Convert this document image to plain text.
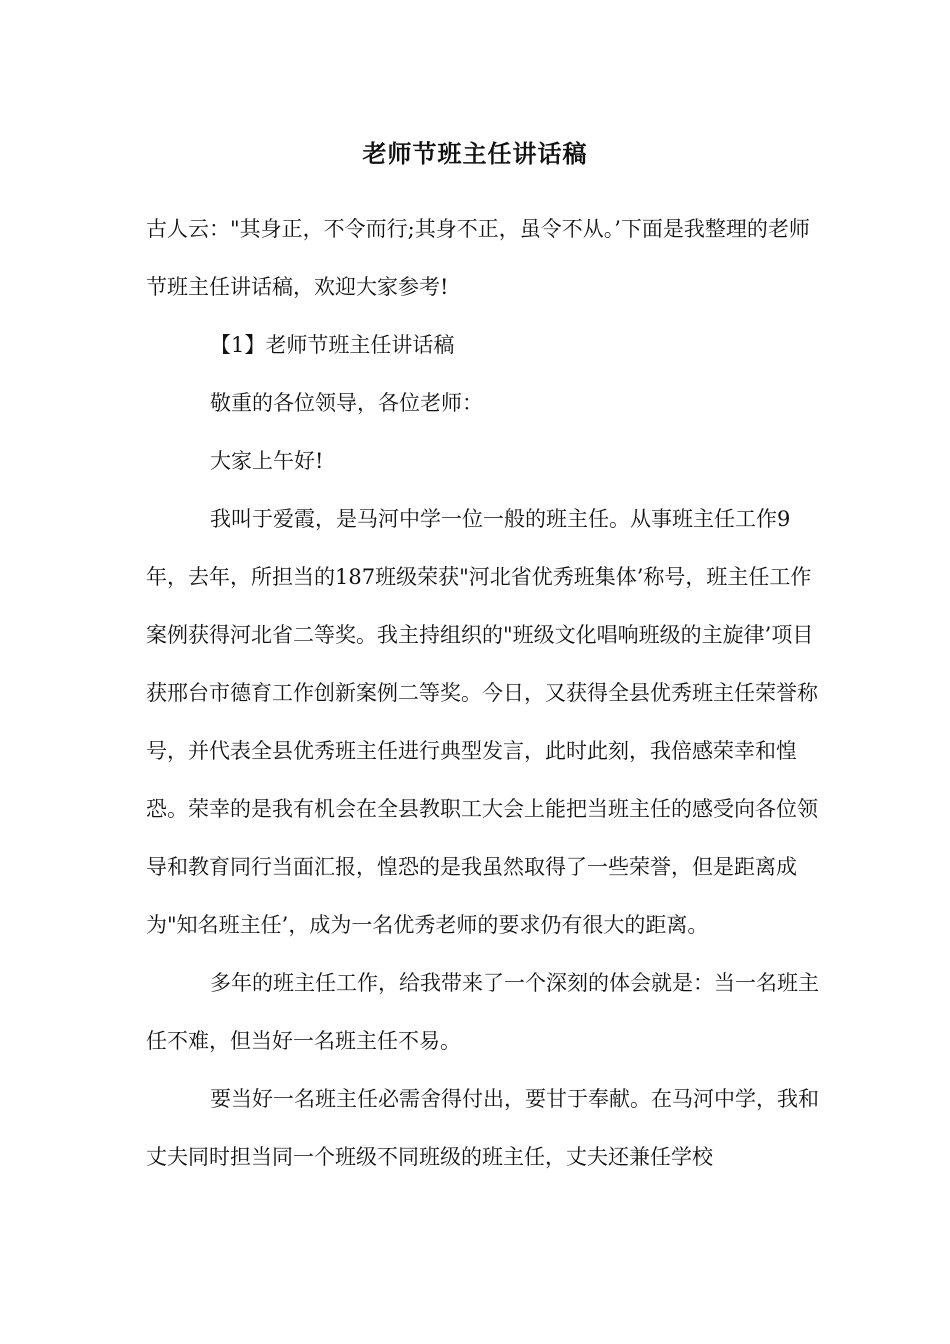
老师节班主任讲话稿

古人云："其身正，不令而行;其身不正，虽令不从。’下面是我整理的老师节班主任讲话稿，欢迎大家参考!

【1】老师节班主任讲话稿

敬重的各位领导，各位老师：

大家上午好!

我叫于爱霞，是马河中学一位一般的班主任。从事班主任工作9年，去年，所担当的187班级荣获"河北省优秀班集体’称号，班主任工作案例获得河北省二等奖。我主持组织的"班级文化唱响班级的主旋律’项目获邢台市德育工作创新案例二等奖。今日，又获得全县优秀班主任荣誉称号，并代表全县优秀班主任进行典型发言，此时此刻，我倍感荣幸和惶恐。荣幸的是我有机会在全县教职工大会上能把当班主任的感受向各位领导和教育同行当面汇报，惶恐的是我虽然取得了一些荣誉，但是距离成为"知名班主任’，成为一名优秀老师的要求仍有很大的距离。

多年的班主任工作，给我带来了一个深刻的体会就是：当一名班主任不难，但当好一名班主任不易。

要当好一名班主任必需舍得付出，要甘于奉献。在马河中学，我和丈夫同时担当同一个班级不同班级的班主任，丈夫还兼任学校
